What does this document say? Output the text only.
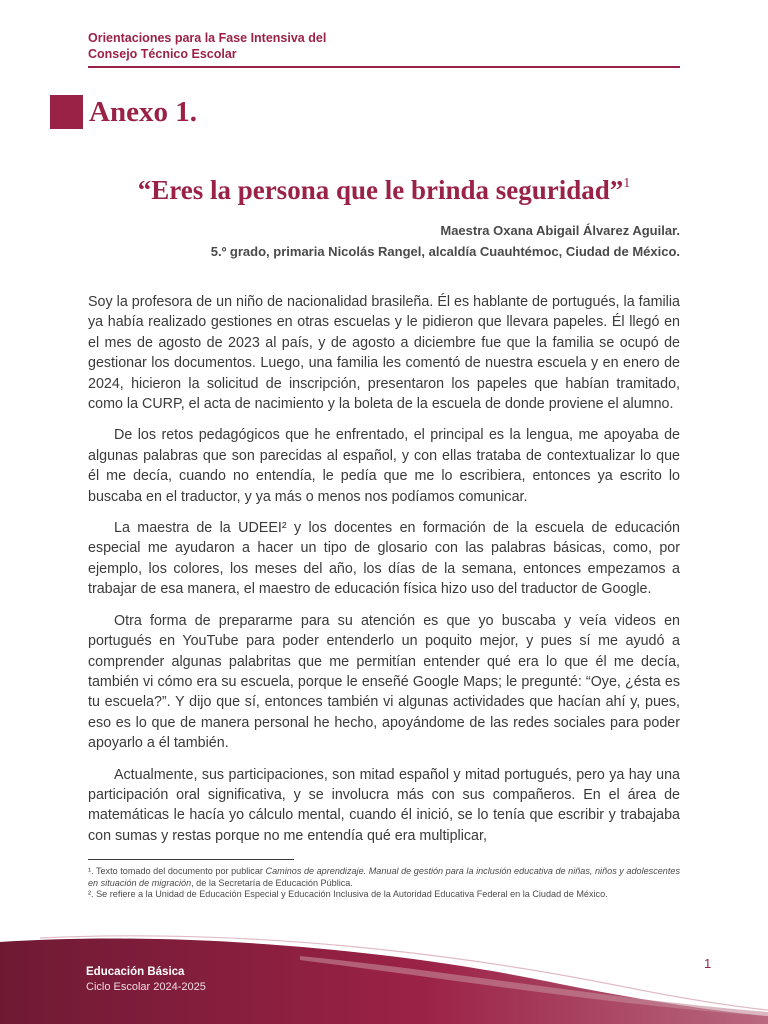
Orientaciones para la Fase Intensiva del
Consejo Técnico Escolar
Anexo 1.
“Eres la persona que le brinda seguridad”$^1$
Maestra Oxana Abigail Álvarez Aguilar.
5.º grado, primaria Nicolás Rangel, alcaldía Cuauhtémoc, Ciudad de México.

Soy la profesora de un niño de nacionalidad brasileña. Él es hablante de portugués, la familia ya había realizado gestiones en otras escuelas y le pidieron que llevara papeles. Él llegó en el mes de agosto de 2023 al país, y de agosto a diciembre fue que la familia se ocupó de gestionar los documentos. Luego, una familia les comentó de nuestra escuela y en enero de 2024, hicieron la solicitud de inscripción, presentaron los papeles que habían tramitado, como la CURP, el acta de nacimiento y la boleta de la escuela de donde proviene el alumno.

De los retos pedagógicos que he enfrentado, el principal es la lengua, me apoyaba de algunas palabras que son parecidas al español, y con ellas trataba de contextualizar lo que él me decía, cuando no entendía, le pedía que me lo escribiera, entonces ya escrito lo buscaba en el traductor, y ya más o menos nos podíamos comunicar.

La maestra de la UDEEI² y los docentes en formación de la escuela de educación especial me ayudaron a hacer un tipo de glosario con las palabras básicas, como, por ejemplo, los colores, los meses del año, los días de la semana, entonces empezamos a trabajar de esa manera, el maestro de educación física hizo uso del traductor de Google.

Otra forma de prepararme para su atención es que yo buscaba y veía videos en portugués en YouTube para poder entenderlo un poquito mejor, y pues sí me ayudó a comprender algunas palabritas que me permitían entender qué era lo que él me decía, también vi cómo era su escuela, porque le enseñé Google Maps; le pregunté: “Oye, ¿ésta es tu escuela?”. Y dijo que sí, entonces también vi algunas actividades que hacían ahí y, pues, eso es lo que de manera personal he hecho, apoyándome de las redes sociales para poder apoyarlo a él también.

Actualmente, sus participaciones, son mitad español y mitad portugués, pero ya hay una participación oral significativa, y se involucra más con sus compañeros. En el área de matemáticas le hacía yo cálculo mental, cuando él inició, se lo tenía que escribir y trabajaba con sumas y restas porque no me entendía qué era multiplicar,

¹. Texto tomado del documento por publicar Caminos de aprendizaje. Manual de gestión para la inclusión educativa de niñas, niños y adolescentes en situación de migración, de la Secretaría de Educación Pública.

². Se refiere a la Unidad de Educación Especial y Educación Inclusiva de la Autoridad Educativa Federal en la Ciudad de México.

Educación Básica
Ciclo Escolar 2024-2025
1
